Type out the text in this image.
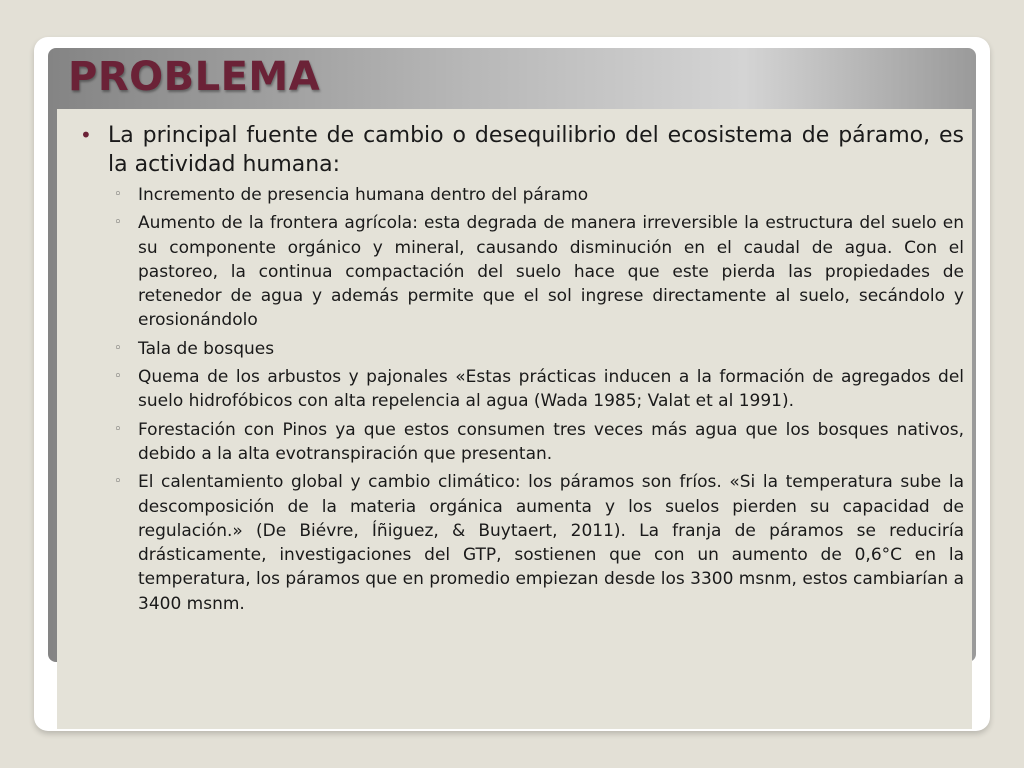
PROBLEMA

• La principal fuente de cambio o desequilibrio del ecosistema de páramo, es la actividad humana:

◦ Incremento de presencia humana dentro del páramo
◦ Aumento de la frontera agrícola: esta degrada de manera irreversible la estructura del suelo en su componente orgánico y mineral, causando disminución en el caudal de agua. Con el pastoreo, la continua compactación del suelo hace que este pierda las propiedades de retenedor de agua y además permite que el sol ingrese directamente al suelo, secándolo y erosionándolo
◦ Tala de bosques
◦ Quema de los arbustos y pajonales «Estas prácticas inducen a la formación de agregados del suelo hidrofóbicos con alta repelencia al agua (Wada 1985; Valat et al 1991).
◦ Forestación con Pinos ya que estos consumen tres veces más agua que los bosques nativos, debido a la alta evotranspiración que presentan.
◦ El calentamiento global y cambio climático: los páramos son fríos. «Si la temperatura sube la descomposición de la materia orgánica aumenta y los suelos pierden su capacidad de regulación.» (De Biévre, Íñiguez, & Buytaert, 2011). La franja de páramos se reduciría drásticamente, investigaciones del GTP, sostienen que con un aumento de 0,6°C en la temperatura, los páramos que en promedio empiezan desde los 3300 msnm, estos cambiarían a 3400 msnm.
